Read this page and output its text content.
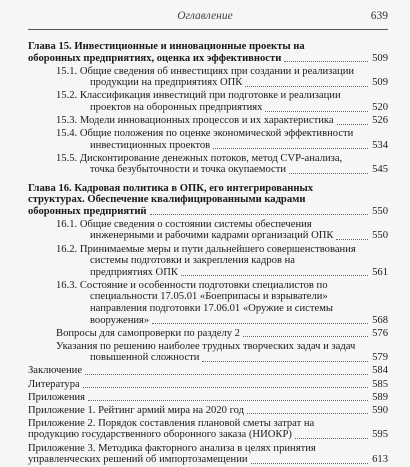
Оглавление	639
Глава 15. Инвестиционные и инновационные проекты на оборонных предприятиях, оценка их эффективности	509
15.1. Общие сведения об инвестициях при создании и реализации продукции на предприятиях ОПК	509
15.2. Классификация инвестиций при подготовке и реализации проектов на оборонных предприятиях	520
15.3. Модели инновационных процессов и их характеристика	526
15.4. Общие положения по оценке экономической эффективности инвестиционных проектов	534
15.5. Дисконтирование денежных потоков, метод CVP-анализа, точка безубыточности и точка окупаемости	545
Глава 16. Кадровая политика в ОПК, его интегрированных структурах. Обеспечение квалифицированными кадрами оборонных предприятий	550
16.1. Общие сведения о состоянии системы обеспечения инженерными и рабочими кадрами организаций ОПК	550
16.2. Принимаемые меры и пути дальнейшего совершенствования системы подготовки и закрепления кадров на предприятиях ОПК	561
16.3. Состояние и особенности подготовки специалистов по специальности 17.05.01 «Боеприпасы и взрыватели» направления подготовки 17.06.01 «Оружие и системы вооружения»	568
Вопросы для самопроверки по разделу 2	576
Указания по решению наиболее трудных творческих задач и задач повышенной сложности	579
Заключение	584
Литература	585
Приложения	589
Приложение 1. Рейтинг армий мира на 2020 год	590
Приложение 2. Порядок составления плановой сметы затрат на продукцию государственного оборонного заказа (НИОКР)	595
Приложение 3. Методика факторного анализа в целях принятия управленческих решений об импортозамещении	613
